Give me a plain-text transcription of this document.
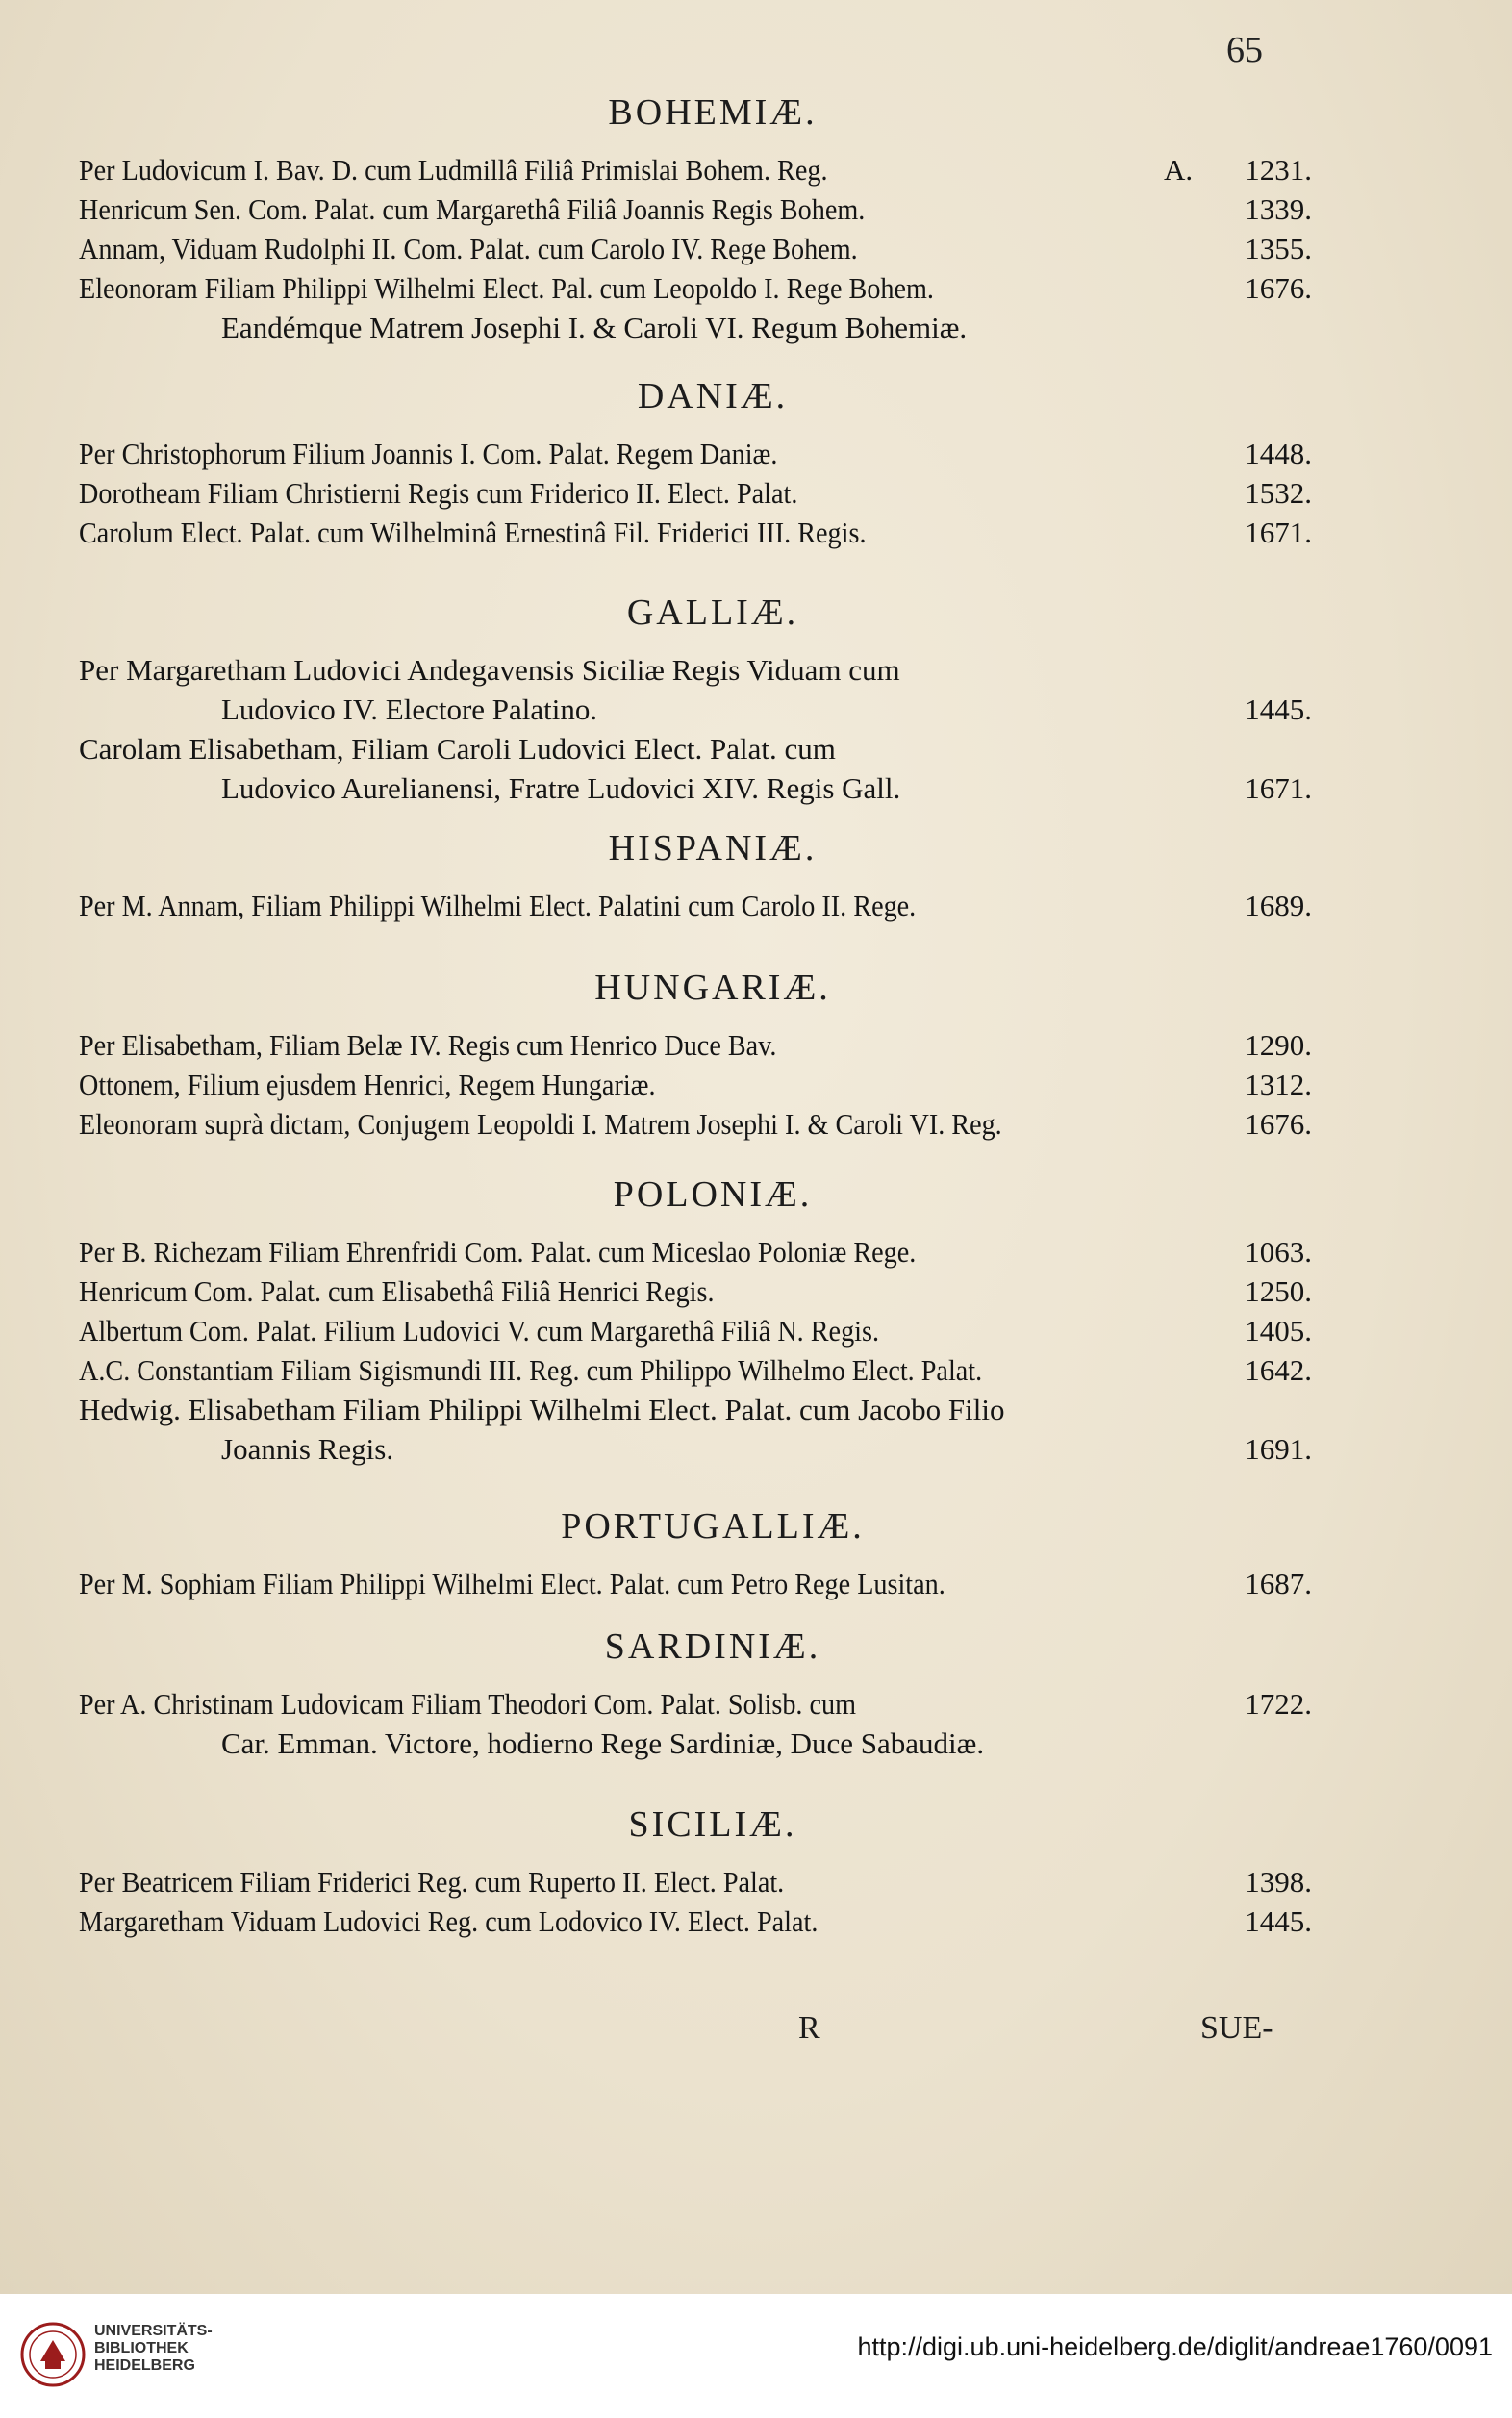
65
BOHEMIÆ.
Per Ludovicum I. Bav. D. cum Ludmillâ Filiâ Primislai Bohem. Reg.	A. 1231.
Henricum Sen. Com. Palat. cum Margarethâ Filiâ Joannis Regis Bohem.	1339.
Annam, Viduam Rudolphi II. Com. Palat. cum Carolo IV. Rege Bohem.	1355.
Eleonoram Filiam Philippi Wilhelmi Elect. Pal. cum Leopoldo I. Rege Bohem.	1676.
Eandémque Matrem Josephi I. & Caroli VI. Regum Bohemiæ.
DANIÆ.
Per Christophorum Filium Joannis I. Com. Palat. Regem Daniæ.	1448.
Dorotheam Filiam Christierni Regis cum Friderico II. Elect. Palat.	1532.
Carolum Elect. Palat. cum Wilhelminâ Ernestinâ Fil. Friderici III. Regis.	1671.
GALLIÆ.
Per Margaretham Ludovici Andegavensis Siciliæ Regis Viduam cum
Ludovico IV. Electore Palatino.	1445.
Carolam Elisabetham, Filiam Caroli Ludovici Elect. Palat. cum
Ludovico Aurelianensi, Fratre Ludovici XIV. Regis Gall.	1671.
HISPANIÆ.
Per M. Annam, Filiam Philippi Wilhelmi Elect. Palatini cum Carolo II. Rege.	1689.
HUNGARIÆ.
Per Elisabetham, Filiam Belæ IV. Regis cum Henrico Duce Bav.	1290.
Ottonem, Filium ejusdem Henrici, Regem Hungariæ.	1312.
Eleonoram suprà dictam, Conjugem Leopoldi I. Matrem Josephi I. & Caroli VI. Reg.	1676.
POLONIÆ.
Per B. Richezam Filiam Ehrenfridi Com. Palat. cum Miceslao Poloniæ Rege.	1063.
Henricum Com. Palat. cum Elisabethâ Filiâ Henrici Regis.	1250.
Albertum Com. Palat. Filium Ludovici V. cum Margarethâ Filiâ N. Regis.	1405.
A.C. Constantiam Filiam Sigismundi III. Reg. cum Philippo Wilhelmo Elect. Palat.	1642.
Hedwig. Elisabetham Filiam Philippi Wilhelmi Elect. Palat. cum Jacobo Filio
Joannis Regis.	1691.
PORTUGALLIÆ.
Per M. Sophiam Filiam Philippi Wilhelmi Elect. Palat. cum Petro Rege Lusitan.	1687.
SARDINIÆ.
Per A. Christinam Ludovicam Filiam Theodori Com. Palat. Solisb. cum	1722.
Car. Emman. Victore, hodierno Rege Sardiniæ, Duce Sabaudiæ.
SICILIÆ.
Per Beatricem Filiam Friderici Reg. cum Ruperto II. Elect. Palat.	1398.
Margaretham Viduam Ludovici Reg. cum Lodovico IV. Elect. Palat.	1445.
R	SUE-
UNIVERSITÄTS-
BIBLIOTHEK
HEIDELBERG
http://digi.ub.uni-heidelberg.de/diglit/andreae1760/0091
